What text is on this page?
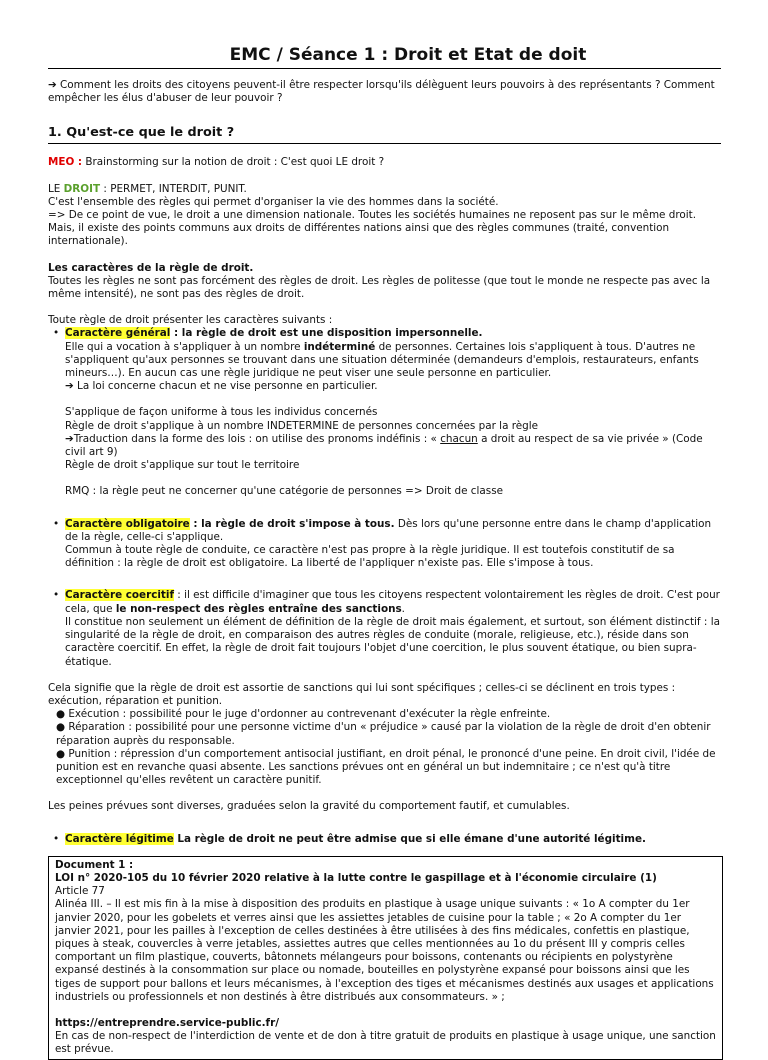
EMC / Séance 1 : Droit et Etat de doit
➔ Comment les droits des citoyens peuvent-il être respecter lorsqu'ils délèguent leurs pouvoirs à des représentants ? Comment empêcher les élus d'abuser de leur pouvoir ?
1. Qu'est-ce que le droit ?
MEO : Brainstorming sur la notion de droit : C'est quoi LE droit ?
LE DROIT : PERMET, INTERDIT, PUNIT.
C'est l'ensemble des règles qui permet d'organiser la vie des hommes dans la société.
=> De ce point de vue, le droit a une dimension nationale. Toutes les sociétés humaines ne reposent pas sur le même droit. Mais, il existe des points communs aux droits de différentes nations ainsi que des règles communes (traité, convention internationale).
Les caractères de la règle de droit.
Toutes les règles ne sont pas forcément des règles de droit. Les règles de politesse (que tout le monde ne respecte pas avec la même intensité), ne sont pas des règles de droit.
Toute règle de droit présenter les caractères suivants :
• Caractère général : la règle de droit est une disposition impersonnelle.
Elle qui a vocation à s'appliquer à un nombre indéterminé de personnes. Certaines lois s'appliquent à tous. D'autres ne s'appliquent qu'aux personnes se trouvant dans une situation déterminée (demandeurs d'emplois, restaurateurs, enfants mineurs…). En aucun cas une règle juridique ne peut viser une seule personne en particulier.
➔ La loi concerne chacun et ne vise personne en particulier.
S'applique de façon uniforme à tous les individus concernés
Règle de droit s'applique à un nombre INDETERMINE de personnes concernées par la règle
➔Traduction dans la forme des lois : on utilise des pronoms indéfinis : « chacun a droit au respect de sa vie privée » (Code civil art 9)
Règle de droit s'applique sur tout le territoire
RMQ : la règle peut ne concerner qu'une catégorie de personnes => Droit de classe
• Caractère obligatoire : la règle de droit s'impose à tous. Dès lors qu'une personne entre dans le champ d'application de la règle, celle-ci s'applique.
Commun à toute règle de conduite, ce caractère n'est pas propre à la règle juridique. Il est toutefois constitutif de sa définition : la règle de droit est obligatoire. La liberté de l'appliquer n'existe pas. Elle s'impose à tous.
• Caractère coercitif : il est difficile d'imaginer que tous les citoyens respectent volontairement les règles de droit. C'est pour cela, que le non-respect des règles entraîne des sanctions.
Il constitue non seulement un élément de définition de la règle de droit mais également, et surtout, son élément distinctif : la singularité de la règle de droit, en comparaison des autres règles de conduite (morale, religieuse, etc.), réside dans son caractère coercitif. En effet, la règle de droit fait toujours l'objet d'une coercition, le plus souvent étatique, ou bien supra-étatique.
Cela signifie que la règle de droit est assortie de sanctions qui lui sont spécifiques ; celles-ci se déclinent en trois types : exécution, réparation et punition.
● Exécution : possibilité pour le juge d'ordonner au contrevenant d'exécuter la règle enfreinte.
● Réparation : possibilité pour une personne victime d'un « préjudice » causé par la violation de la règle de droit d'en obtenir réparation auprès du responsable.
● Punition : répression d'un comportement antisocial justifiant, en droit pénal, le prononcé d'une peine. En droit civil, l'idée de punition est en revanche quasi absente. Les sanctions prévues ont en général un but indemnitaire ; ce n'est qu'à titre exceptionnel qu'elles revêtent un caractère punitif.
Les peines prévues sont diverses, graduées selon la gravité du comportement fautif, et cumulables.
• Caractère légitime La règle de droit ne peut être admise que si elle émane d'une autorité légitime.
Document 1 :
LOI n° 2020-105 du 10 février 2020 relative à la lutte contre le gaspillage et à l'économie circulaire (1)
Article 77
Alinéa III. – Il est mis fin à la mise à disposition des produits en plastique à usage unique suivants : « 1o A compter du 1er janvier 2020, pour les gobelets et verres ainsi que les assiettes jetables de cuisine pour la table ; « 2o A compter du 1er janvier 2021, pour les pailles à l'exception de celles destinées à être utilisées à des fins médicales, confettis en plastique, piques à steak, couvercles à verre jetables, assiettes autres que celles mentionnées au 1o du présent III y compris celles comportant un film plastique, couverts, bâtonnets mélangeurs pour boissons, contenants ou récipients en polystyrène expansé destinés à la consommation sur place ou nomade, bouteilles en polystyrène expansé pour boissons ainsi que les tiges de support pour ballons et leurs mécanismes, à l'exception des tiges et mécanismes destinés aux usages et applications industriels ou professionnels et non destinés à être distribués aux consommateurs. » ;
https://entreprendre.service-public.fr/
En cas de non-respect de l'interdiction de vente et de don à titre gratuit de produits en plastique à usage unique, une sanction est prévue.
